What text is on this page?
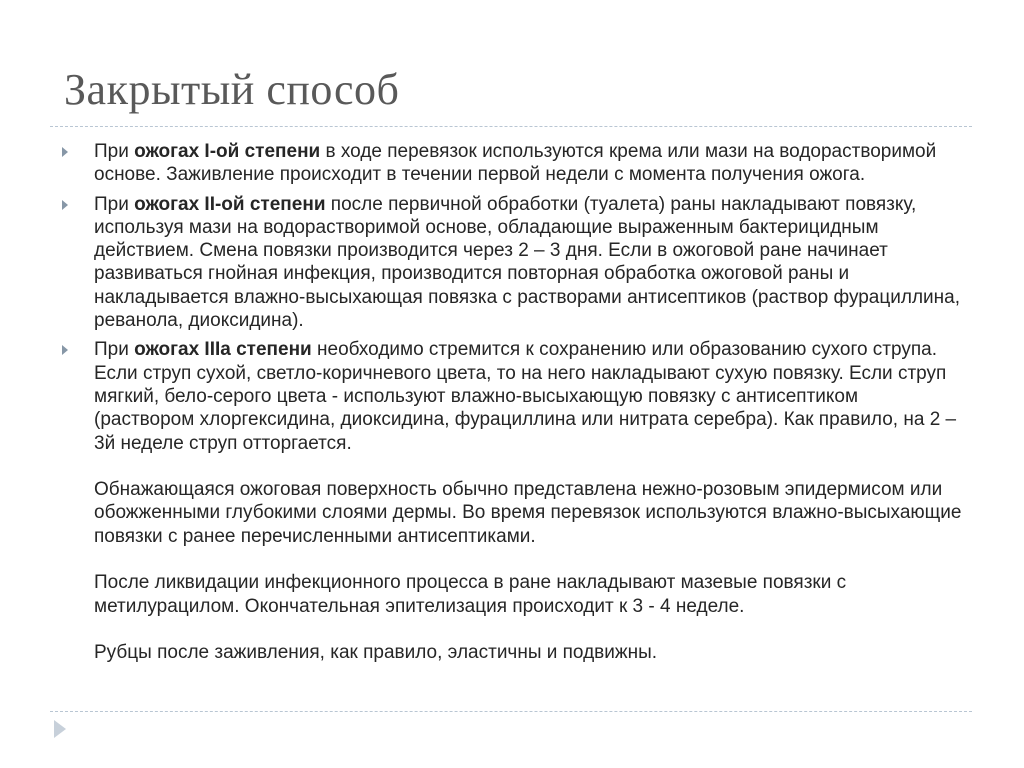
Закрытый способ
При ожогах I-ой степени в ходе перевязок используются крема или мази на водорастворимой основе. Заживление происходит в течении первой недели с момента получения ожога.
При ожогах II-ой степени после первичной обработки (туалета) раны накладывают повязку, используя мази на водорастворимой основе, обладающие выраженным бактерицидным действием. Смена повязки производится через 2 – 3 дня. Если в ожоговой ране начинает развиваться гнойная инфекция, производится повторная обработка ожоговой раны и накладывается влажно-высыхающая повязка с растворами антисептиков (раствор фурациллина, реванола, диоксидина).
При ожогах IIIа степени необходимо стремится к сохранению или образованию сухого струпа. Если струп сухой, светло-коричневого цвета, то на него накладывают сухую повязку. Если струп мягкий, бело-серого цвета - используют влажно-высыхающую повязку с антисептиком (раствором хлоргексидина, диоксидина, фурациллина или нитрата серебра). Как правило, на 2 – 3й неделе струп отторгается.
Обнажающаяся ожоговая поверхность обычно представлена нежно-розовым эпидермисом или обожженными глубокими слоями дермы. Во время перевязок используются влажно-высыхающие повязки с ранее перечисленными антисептиками.
После ликвидации инфекционного процесса в ране накладывают мазевые повязки с метилурацилом. Окончательная эпителизация происходит к 3 - 4 неделе.
Рубцы после заживления, как правило, эластичны и подвижны.
